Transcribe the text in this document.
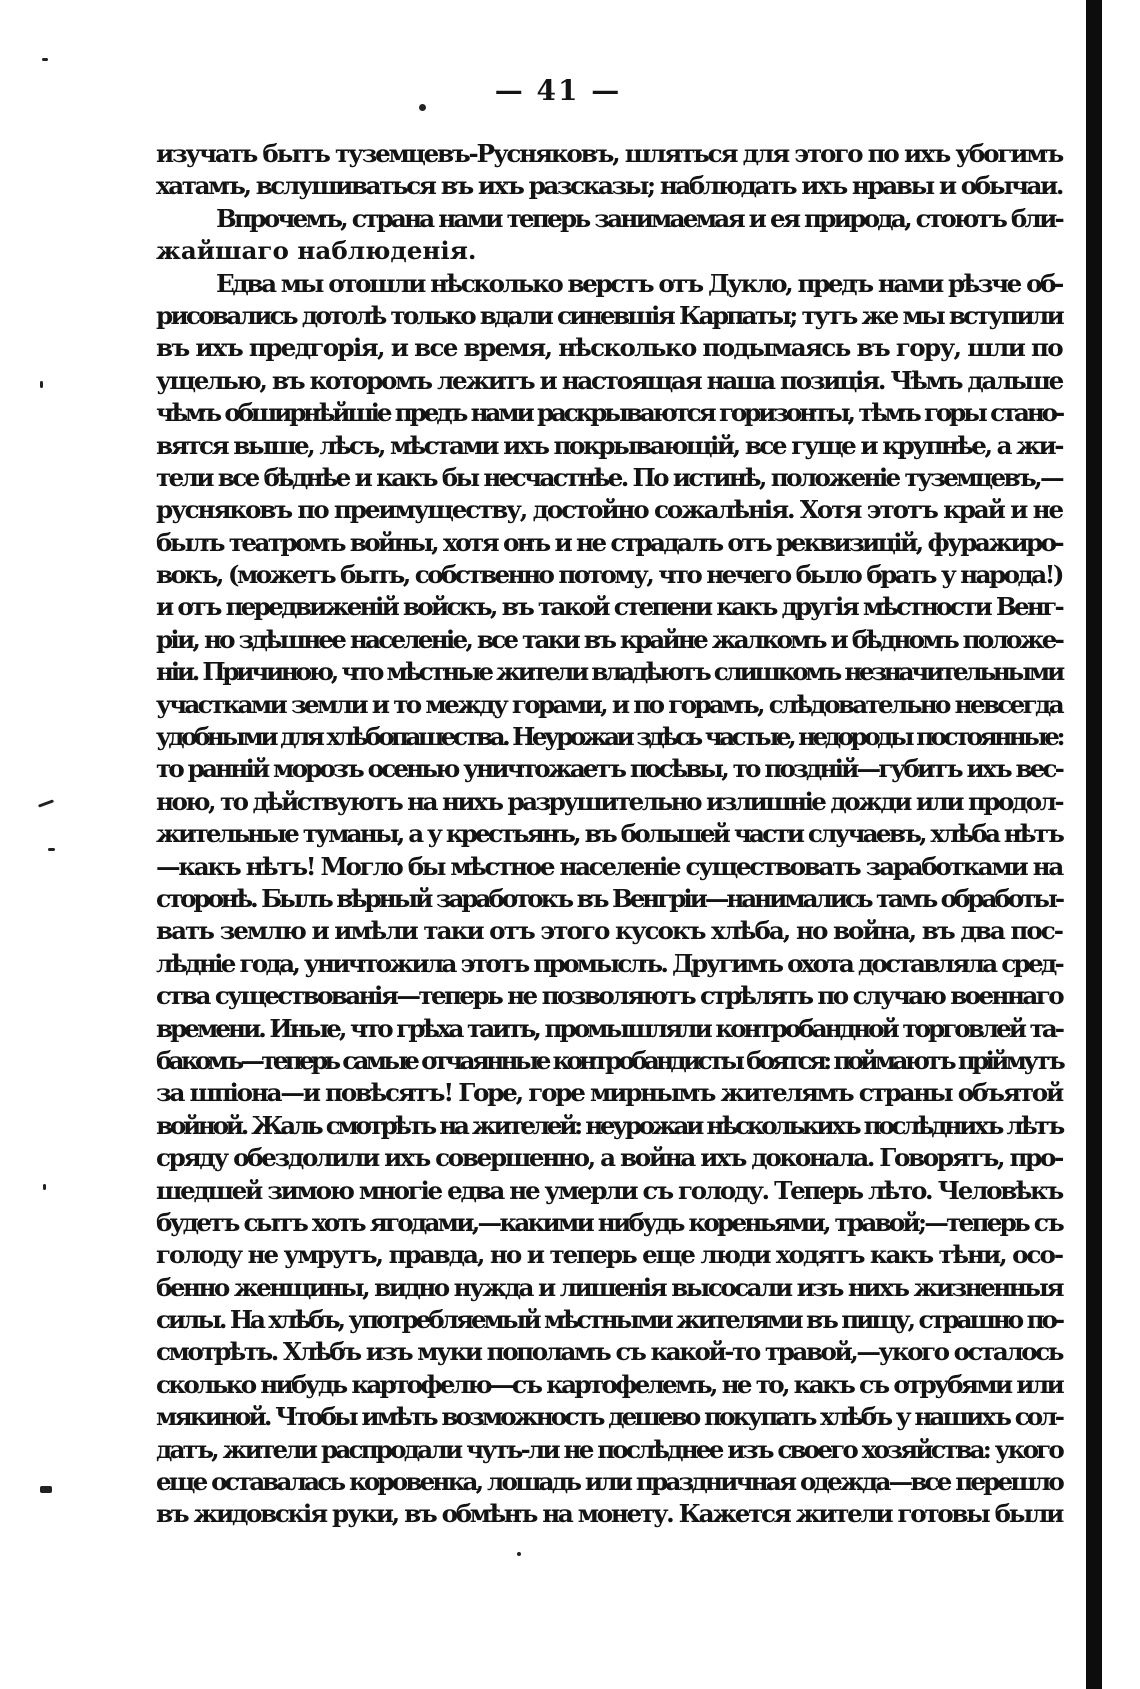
— 41 —
изучать бытъ туземцевъ-Русняковъ, шляться для этого по ихъ убогимъ
хатамъ, вслушиваться въ ихъ разсказы; наблюдать ихъ нравы и обычаи.
Впрочемъ, страна нами теперь занимаемая и ея природа, стоютъ бли-
жайшаго наблюденія.
Едва мы отошли нѣсколько верстъ отъ Дукло, предъ нами рѣзче об-
рисовались дотолѣ только вдали синевшія Карпаты; тутъ же мы вступили
въ ихъ предгорія, и все время, нѣсколько подымаясь въ гору, шли по
ущелью, въ которомъ лежитъ и настоящая наша позиція. Чѣмъ дальше
чѣмъ обширнѣйшіе предъ нами раскрываются горизонты, тѣмъ горы стано-
вятся выше, лѣсъ, мѣстами ихъ покрывающій, все гуще и крупнѣе, а жи-
тели все бѣднѣе и какъ бы несчастнѣе. По истинѣ, положеніе туземцевъ,—
русняковъ по преимуществу, достойно сожалѣнія. Хотя этотъ край и не
былъ театромъ войны, хотя онъ и не страдалъ отъ реквизицій, фуражиро-
вокъ, (можетъ быть, собственно потому, что нечего было брать у народа!)
и отъ передвиженій войскъ, въ такой степени какъ другія мѣстности Венг-
ріи, но здѣшнее населеніе, все таки въ крайне жалкомъ и бѣдномъ положе-
ніи. Причиною, что мѣстные жители владѣютъ слишкомъ незначительными
участками земли и то между горами, и по горамъ, слѣдовательно невсегда
удобными для хлѣбопашества. Неурожаи здѣсь частые, недороды постоянные:
то ранній морозъ осенью уничтожаетъ посѣвы, то поздній—губитъ ихъ вес-
ною, то дѣйствуютъ на нихъ разрушительно излишніе дожди или продол-
жительные туманы, а у крестьянъ, въ большей части случаевъ, хлѣба нѣтъ
—какъ нѣтъ! Могло бы мѣстное населеніе существовать заработками на
сторонѣ. Былъ вѣрный заработокъ въ Венгріи—нанимались тамъ обработы-
вать землю и имѣли таки отъ этого кусокъ хлѣба, но война, въ два пос-
лѣдніе года, уничтожила этотъ промыслъ. Другимъ охота доставляла сред-
ства существованія—теперь не позволяютъ стрѣлять по случаю военнаго
времени. Иные, что грѣха таить, промышляли контробандной торговлей та-
бакомъ—теперь самые отчаянные контробандисты боятся: поймаютъ пріймутъ
за шпіона—и повѣсятъ! Горе, горе мирнымъ жителямъ страны объятой
войной. Жаль смотрѣть на жителей: неурожаи нѣсколькихъ послѣднихъ лѣтъ
сряду обездолили ихъ совершенно, а война ихъ доконала. Говорятъ, про-
шедшей зимою многіе едва не умерли съ голоду. Теперь лѣто. Человѣкъ
будетъ сытъ хоть ягодами,—какими нибудь кореньями, травой;—теперь съ
голоду не умрутъ, правда, но и теперь еще люди ходятъ какъ тѣни, осо-
бенно женщины, видно нужда и лишенія высосали изъ нихъ жизненныя
силы. На хлѣбъ, употребляемый мѣстными жителями въ пищу, страшно по-
смотрѣть. Хлѣбъ изъ муки пополамъ съ какой-то травой,—укого осталось
сколько нибудь картофелю—съ картофелемъ, не то, какъ съ отрубями или
мякиной. Чтобы имѣть возможность дешево покупать хлѣбъ у нашихъ сол-
датъ, жители распродали чуть-ли не послѣднее изъ своего хозяйства: укого
еще оставалась коровенка, лошадь или праздничная одежда—все перешло
въ жидовскія руки, въ обмѣнъ на монету. Кажется жители готовы были
